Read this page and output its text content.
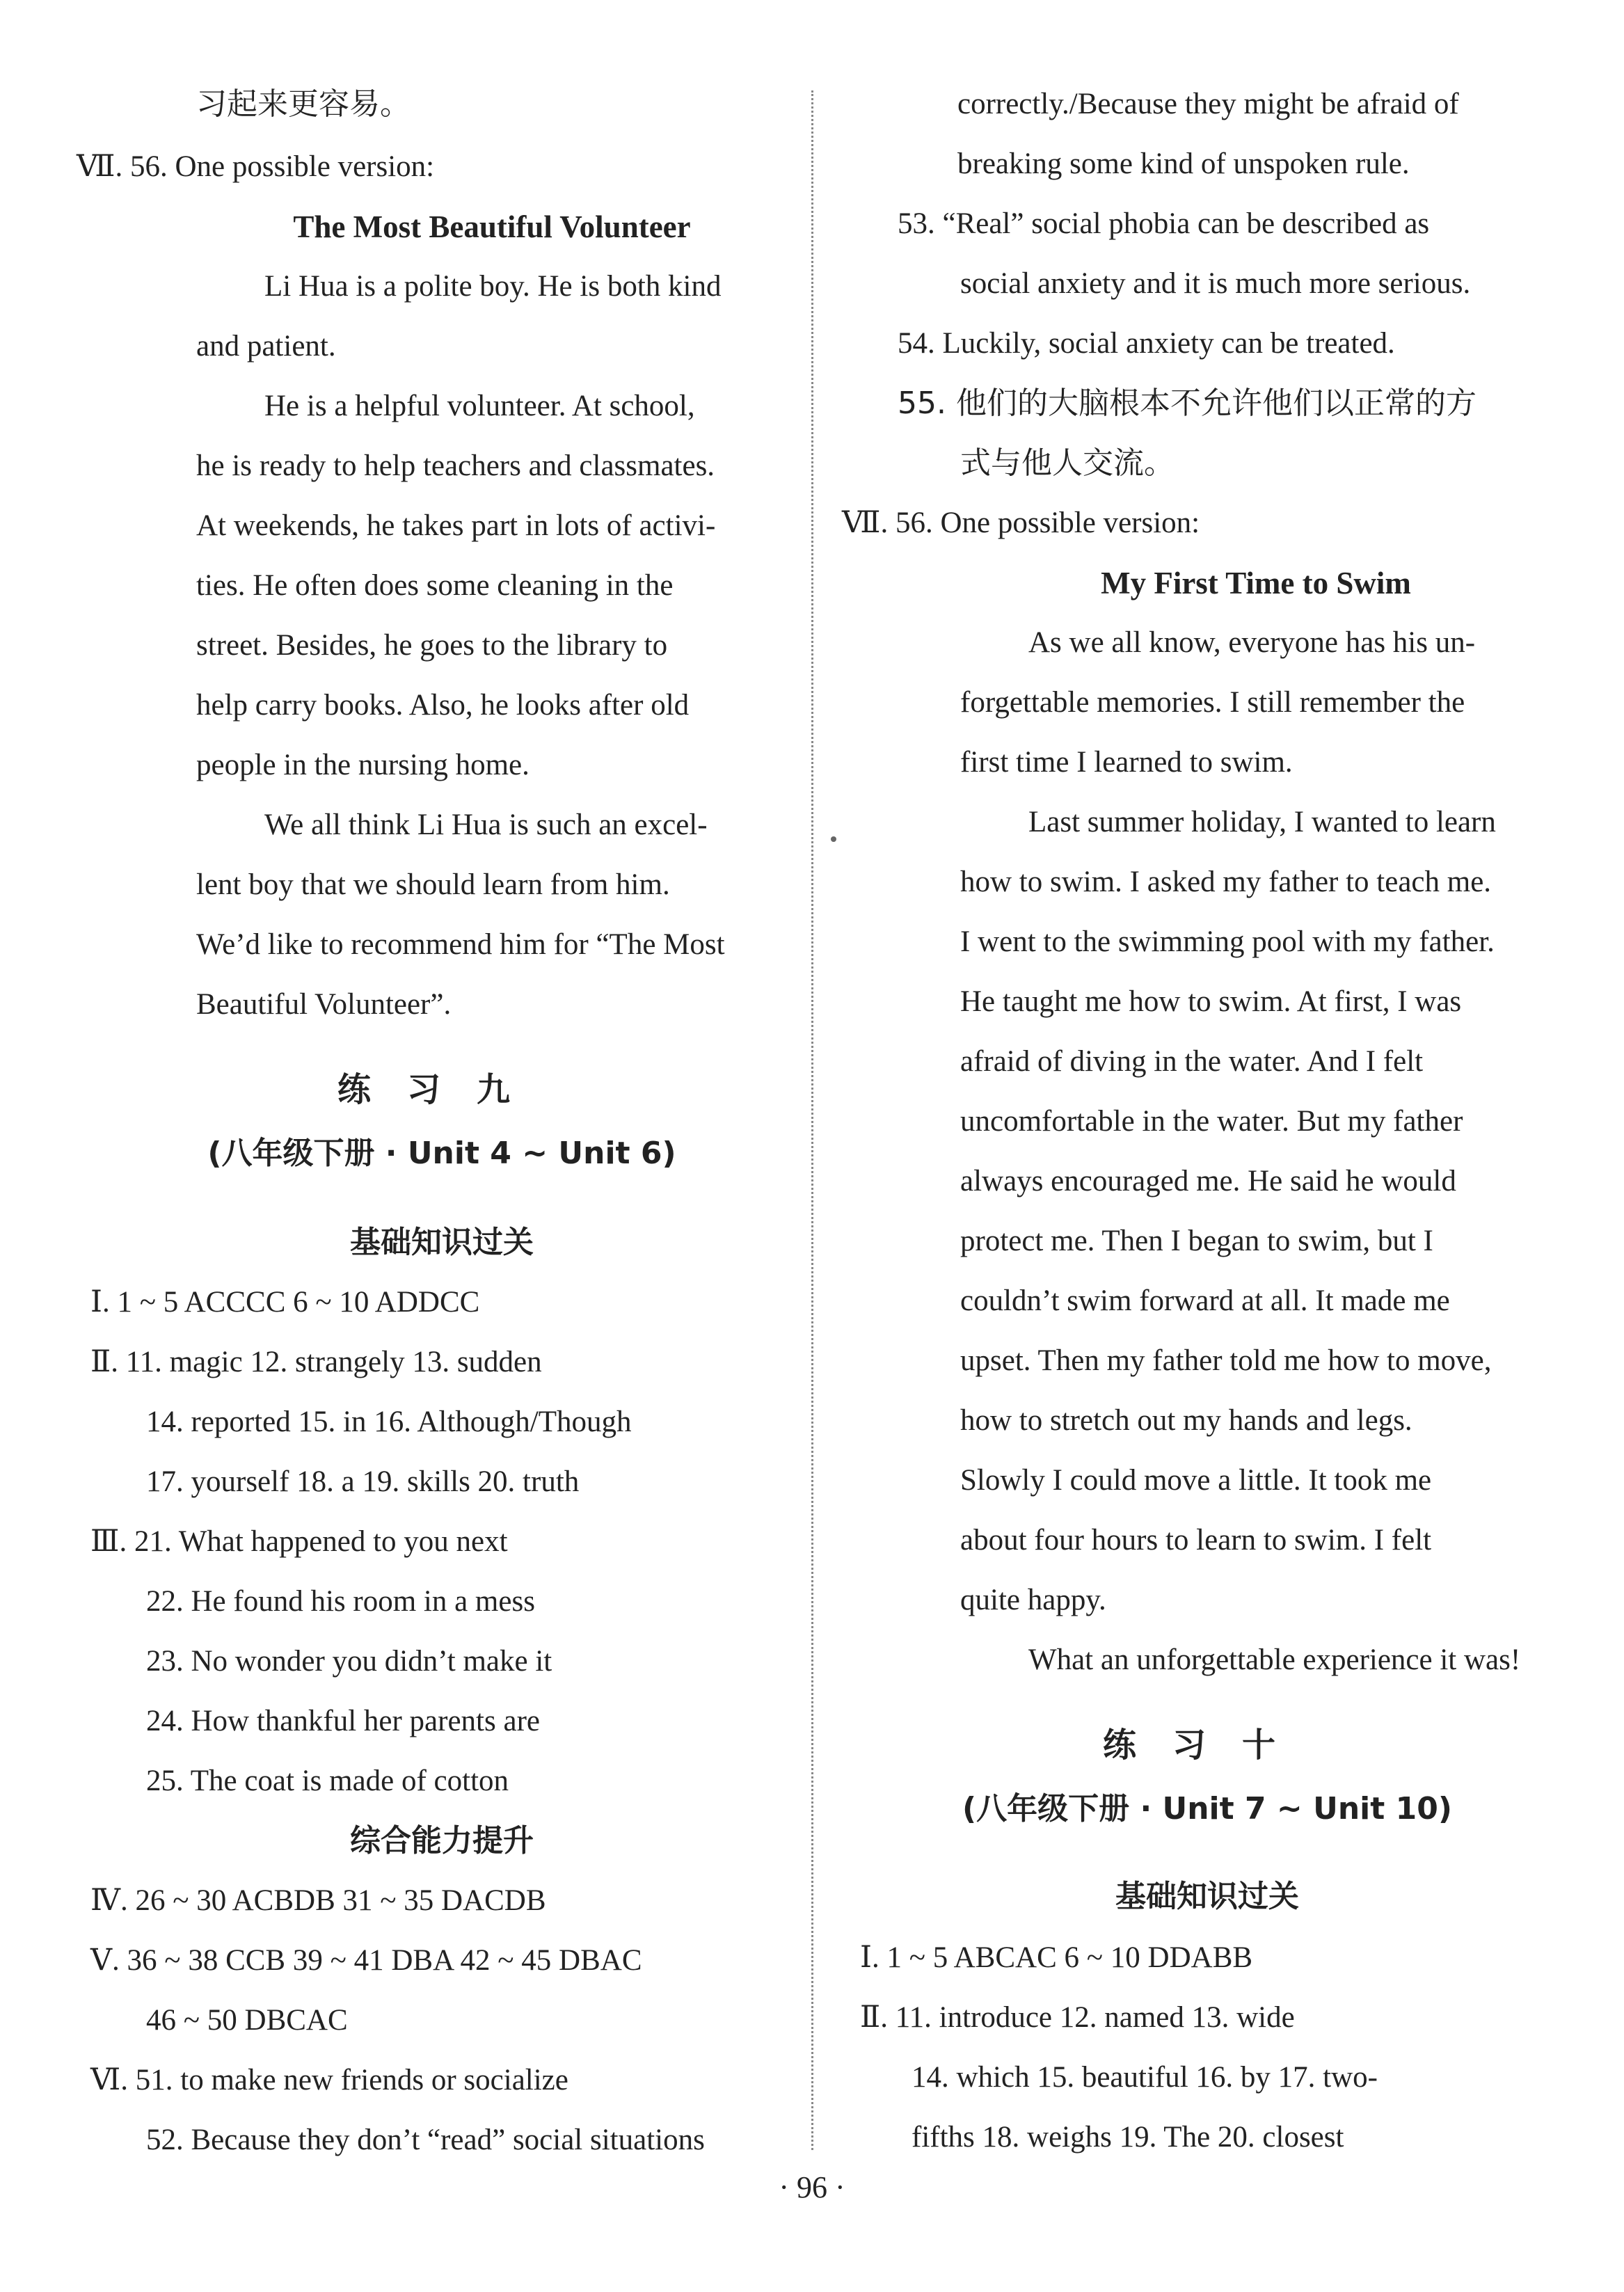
习起来更容易。
Ⅶ. 56. One possible version:
The Most Beautiful Volunteer
Li Hua is a polite boy. He is both kind
and patient.
He is a helpful volunteer. At school,
he is ready to help teachers and classmates.
At weekends, he takes part in lots of activi-
ties. He often does some cleaning in the
street. Besides, he goes to the library to
help carry books. Also, he looks after old
people in the nursing home.
We all think Li Hua is such an excel-
lent boy that we should learn from him.
We’d like to recommend him for “The Most
Beautiful Volunteer”.
练习九
(八年级下册 · Unit 4 ~ Unit 6)
基础知识过关
Ⅰ. 1 ~ 5 ACCCC 6 ~ 10 ADDCC
Ⅱ. 11. magic 12. strangely 13. sudden
14. reported 15. in 16. Although/Though
17. yourself 18. a 19. skills 20. truth
Ⅲ. 21. What happened to you next
22. He found his room in a mess
23. No wonder you didn’t make it
24. How thankful her parents are
25. The coat is made of cotton
综合能力提升
Ⅳ. 26 ~ 30 ACBDB 31 ~ 35 DACDB
Ⅴ. 36 ~ 38 CCB 39 ~ 41 DBA 42 ~ 45 DBAC
46 ~ 50 DBCAC
Ⅵ. 51. to make new friends or socialize
52. Because they don’t “read” social situations
correctly./Because they might be afraid of
breaking some kind of unspoken rule.
53. “Real” social phobia can be described as
social anxiety and it is much more serious.
54. Luckily, social anxiety can be treated.
55. 他们的大脑根本不允许他们以正常的方
式与他人交流。
Ⅶ. 56. One possible version:
My First Time to Swim
As we all know, everyone has his un-
forgettable memories. I still remember the
first time I learned to swim.
Last summer holiday, I wanted to learn
how to swim. I asked my father to teach me.
I went to the swimming pool with my father.
He taught me how to swim. At first, I was
afraid of diving in the water. And I felt
uncomfortable in the water. But my father
always encouraged me. He said he would
protect me. Then I began to swim, but I
couldn’t swim forward at all. It made me
upset. Then my father told me how to move,
how to stretch out my hands and legs.
Slowly I could move a little. It took me
about four hours to learn to swim. I felt
quite happy.
What an unforgettable experience it was!
练习十
(八年级下册 · Unit 7 ~ Unit 10)
基础知识过关
Ⅰ. 1 ~ 5 ABCAC 6 ~ 10 DDABB
Ⅱ. 11. introduce 12. named 13. wide
14. which 15. beautiful 16. by 17. two-
fifths 18. weighs 19. The 20. closest
· 96 ·
